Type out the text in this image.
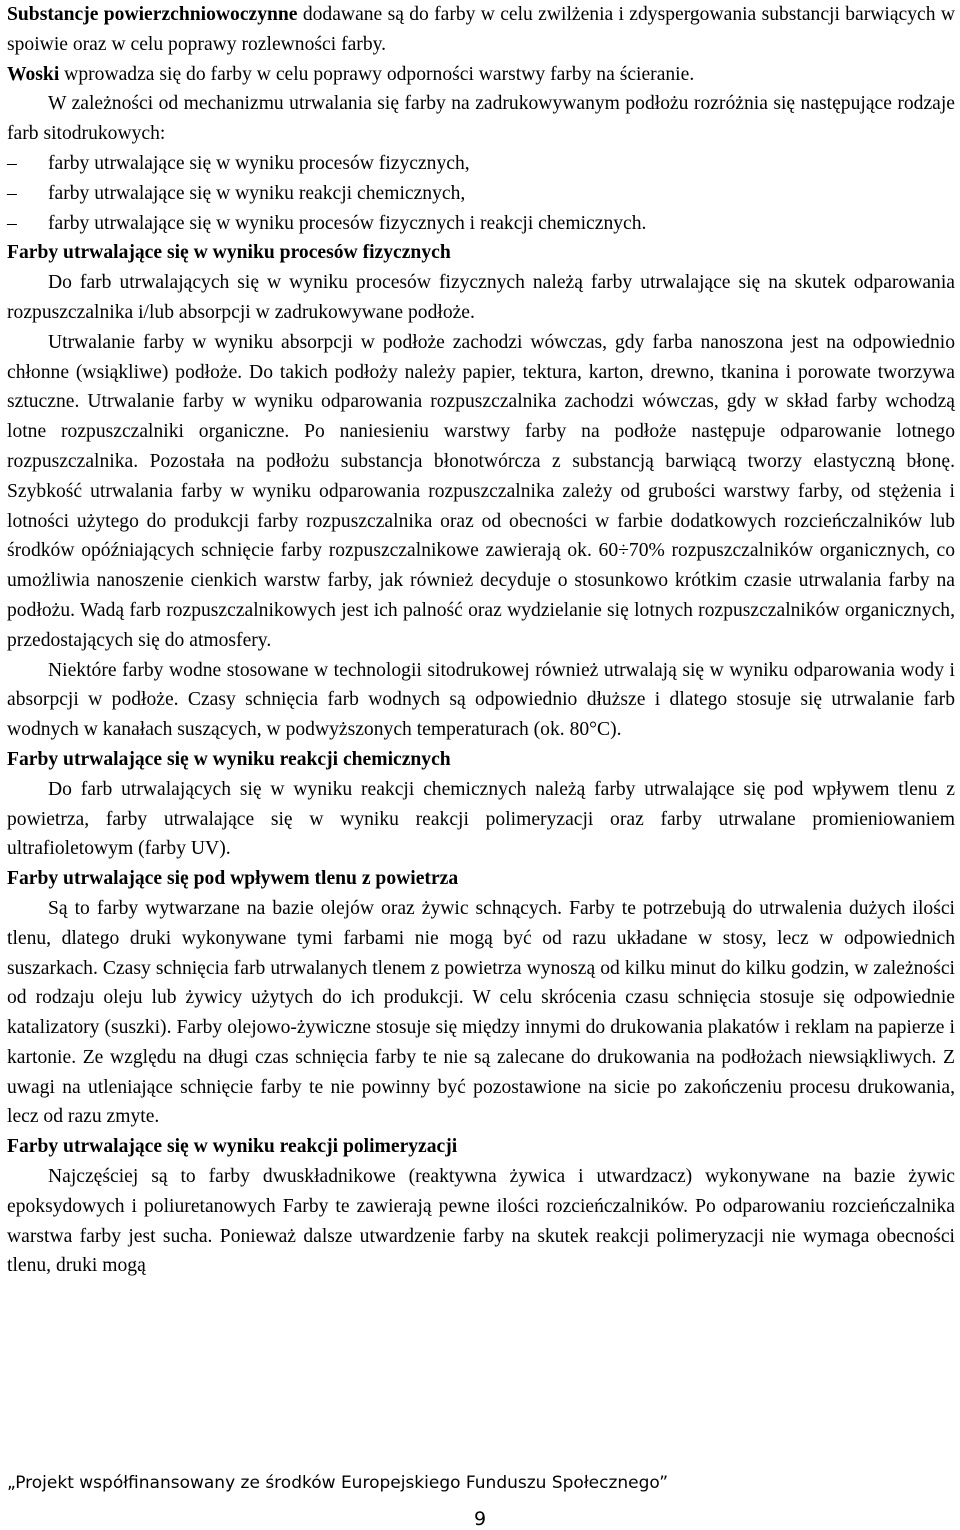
Substancje powierzchniowoczynne dodawane są do farby w celu zwilżenia i zdyspergowania substancji barwiących w spoiwie oraz w celu poprawy rozlewności farby.

Woski wprowadza się do farby w celu poprawy odporności warstwy farby na ścieranie.

W zależności od mechanizmu utrwalania się farby na zadrukowywanym podłożu rozróżnia się następujące rodzaje farb sitodrukowych:

–	farby utrwalające się w wyniku procesów fizycznych,
–	farby utrwalające się w wyniku reakcji chemicznych,
–	farby utrwalające się w wyniku procesów fizycznych i reakcji chemicznych.
Farby utrwalające się w wyniku procesów fizycznych

Do farb utrwalających się w wyniku procesów fizycznych należą farby utrwalające się na skutek odparowania rozpuszczalnika i/lub absorpcji w zadrukowywane podłoże.

Utrwalanie farby w wyniku absorpcji w podłoże zachodzi wówczas, gdy farba nanoszona jest na odpowiednio chłonne (wsiąkliwe) podłoże. Do takich podłoży należy papier, tektura, karton, drewno, tkanina i porowate tworzywa sztuczne. Utrwalanie farby w wyniku odparowania rozpuszczalnika zachodzi wówczas, gdy w skład farby wchodzą lotne rozpuszczalniki organiczne. Po naniesieniu warstwy farby na podłoże następuje odparowanie lotnego rozpuszczalnika. Pozostała na podłożu substancja błonotwórcza z substancją barwiącą tworzy elastyczną błonę. Szybkość utrwalania farby w wyniku odparowania rozpuszczalnika zależy od grubości warstwy farby, od stężenia i lotności użytego do produkcji farby rozpuszczalnika oraz od obecności w farbie dodatkowych rozcieńczalników lub środków opóźniających schnięcie farby rozpuszczalnikowe zawierają ok. 60÷70% rozpuszczalników organicznych, co umożliwia nanoszenie cienkich warstw farby, jak również decyduje o stosunkowo krótkim czasie utrwalania farby na podłożu. Wadą farb rozpuszczalnikowych jest ich palność oraz wydzielanie się lotnych rozpuszczalników organicznych, przedostających się do atmosfery.

Niektóre farby wodne stosowane w technologii sitodrukowej również utrwalają się w wyniku odparowania wody i absorpcji w podłoże. Czasy schnięcia farb wodnych są odpowiednio dłuższe i dlatego stosuje się utrwalanie farb wodnych w kanałach suszących, w podwyższonych temperaturach (ok. 80°C).

Farby utrwalające się w wyniku reakcji chemicznych

Do farb utrwalających się w wyniku reakcji chemicznych należą farby utrwalające się pod wpływem tlenu z powietrza, farby utrwalające się w wyniku reakcji polimeryzacji oraz farby utrwalane promieniowaniem ultrafioletowym (farby UV).

Farby utrwalające się pod wpływem tlenu z powietrza

Są to farby wytwarzane na bazie olejów oraz żywic schnących. Farby te potrzebują do utrwalenia dużych ilości tlenu, dlatego druki wykonywane tymi farbami nie mogą być od razu układane w stosy, lecz w odpowiednich suszarkach. Czasy schnięcia farb utrwalanych tlenem z powietrza wynoszą od kilku minut do kilku godzin, w zależności od rodzaju oleju lub żywicy użytych do ich produkcji. W celu skrócenia czasu schnięcia stosuje się odpowiednie katalizatory (suszki). Farby olejowo-żywiczne stosuje się między innymi do drukowania plakatów i reklam na papierze i kartonie. Ze względu na długi czas schnięcia farby te nie są zalecane do drukowania na podłożach niewsiąkliwych. Z uwagi na utleniające schnięcie farby te nie powinny być pozostawione na sicie po zakończeniu procesu drukowania, lecz od razu zmyte.

Farby utrwalające się w wyniku reakcji polimeryzacji

Najczęściej są to farby dwuskładnikowe (reaktywna żywica i utwardzacz) wykonywane na bazie żywic epoksydowych i poliuretanowych Farby te zawierają pewne ilości rozcieńczalników. Po odparowaniu rozcieńczalnika warstwa farby jest sucha. Ponieważ dalsze utwardzenie farby na skutek reakcji polimeryzacji nie wymaga obecności tlenu, druki mogą

„Projekt współfinansowany ze środków Europejskiego Funduszu Społecznego”
9
